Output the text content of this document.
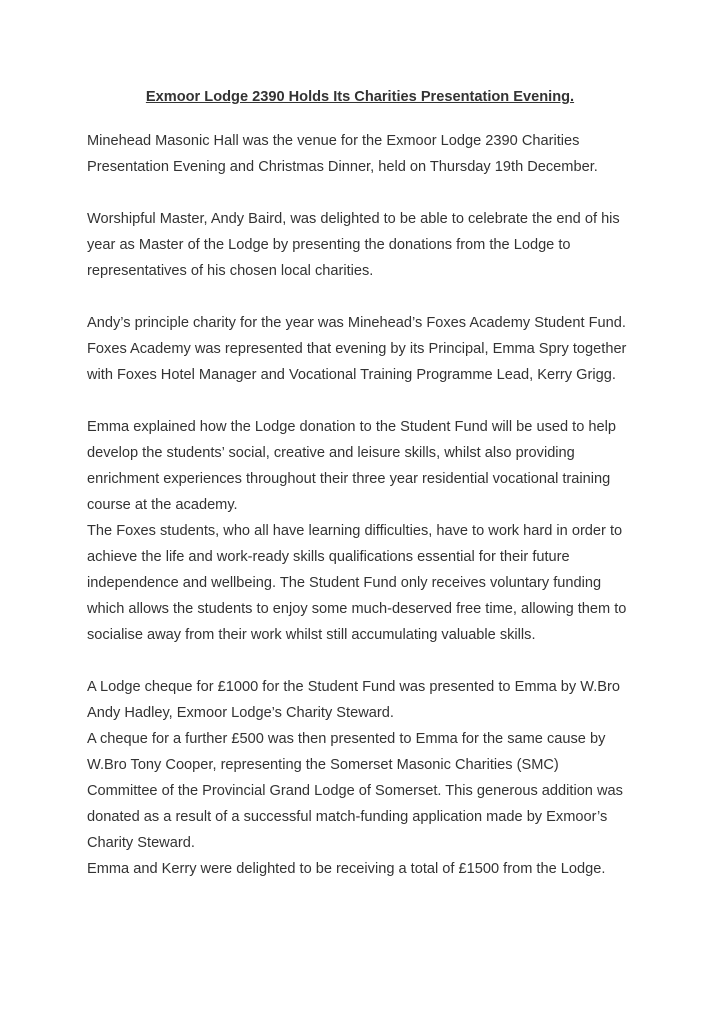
Exmoor Lodge 2390 Holds Its Charities Presentation Evening.

Minehead Masonic Hall was the venue for the Exmoor Lodge 2390 Charities
Presentation Evening and Christmas Dinner, held on Thursday 19th December.

Worshipful Master, Andy Baird, was delighted to be able to celebrate the end of his
year as Master of the Lodge by presenting the donations from the Lodge to
representatives of his chosen local charities.

Andy’s principle charity for the year was Minehead’s Foxes Academy Student Fund.
Foxes Academy was represented that evening by its Principal, Emma Spry together
with Foxes Hotel Manager and Vocational Training Programme Lead, Kerry Grigg.

Emma explained how the Lodge donation to the Student Fund will be used to help
develop the students’ social, creative and leisure skills, whilst also providing
enrichment experiences throughout their three year residential vocational training
course at the academy.

The Foxes students, who all have learning difficulties, have to work hard in order to
achieve the life and work-ready skills qualifications essential for their future
independence and wellbeing. The Student Fund only receives voluntary funding
which allows the students to enjoy some much-deserved free time, allowing them to
socialise away from their work whilst still accumulating valuable skills.

A Lodge cheque for £1000 for the Student Fund was presented to Emma by W.Bro
Andy Hadley, Exmoor Lodge’s Charity Steward.

A cheque for a further £500 was then presented to Emma for the same cause by
W.Bro Tony Cooper, representing the Somerset Masonic Charities (SMC)
Committee of the Provincial Grand Lodge of Somerset. This generous addition was
donated as a result of a successful match-funding application made by Exmoor’s
Charity Steward.

Emma and Kerry were delighted to be receiving a total of £1500 from the Lodge.
